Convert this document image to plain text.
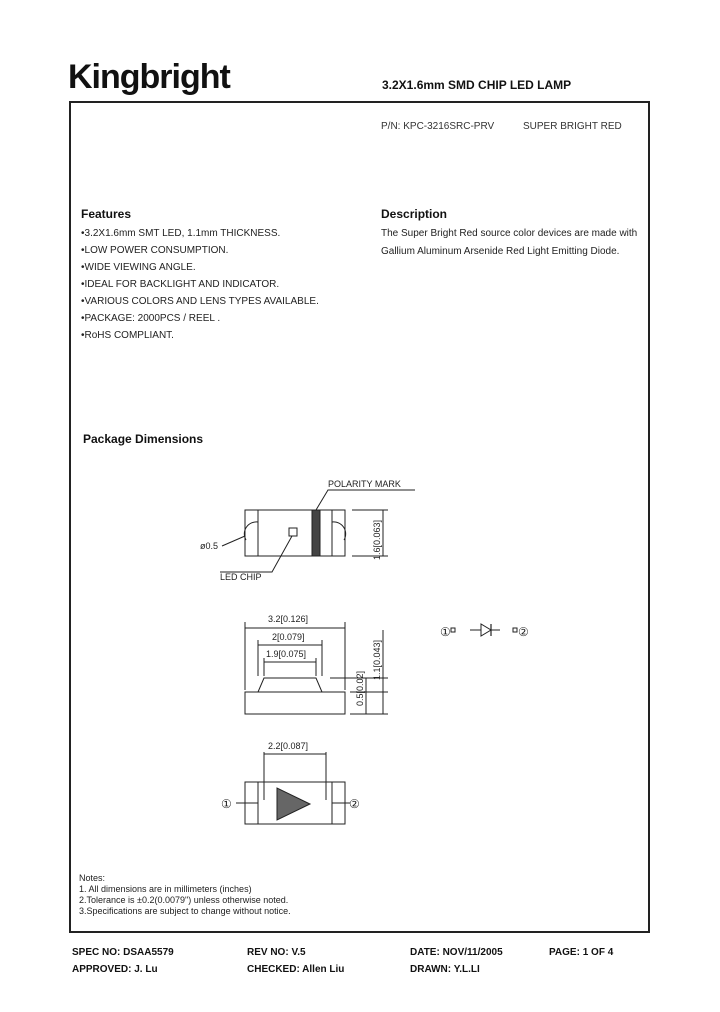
Kingbright	3.2X1.6mm SMD CHIP LED LAMP
P/N: KPC-3216SRC-PRV	SUPER BRIGHT RED
Features
•3.2X1.6mm SMT LED, 1.1mm THICKNESS.
•LOW POWER CONSUMPTION.
•WIDE VIEWING ANGLE.
•IDEAL FOR BACKLIGHT AND INDICATOR.
•VARIOUS COLORS AND LENS TYPES AVAILABLE.
•PACKAGE: 2000PCS / REEL .
•RoHS COMPLIANT.
Description
The Super Bright Red source color devices are made with Gallium Aluminum Arsenide Red Light Emitting Diode.
Package Dimensions
POLARITY MARK
LED CHIP
ø0.5	1.6[0.063]
3.2[0.126]
2[0.079]
1.9[0.075]	1.1[0.043]
0.5[0.02]
2.2[0.087]
①	②
①	②
Notes:
1. All dimensions are in millimeters (inches)
2.Tolerance is ±0.2(0.0079") unless otherwise noted.
3.Specifications are subject to change without notice.
SPEC NO: DSAA5579	REV NO: V.5	DATE: NOV/11/2005	PAGE: 1 OF 4
APPROVED: J. Lu	CHECKED: Allen Liu	DRAWN: Y.L.LI
